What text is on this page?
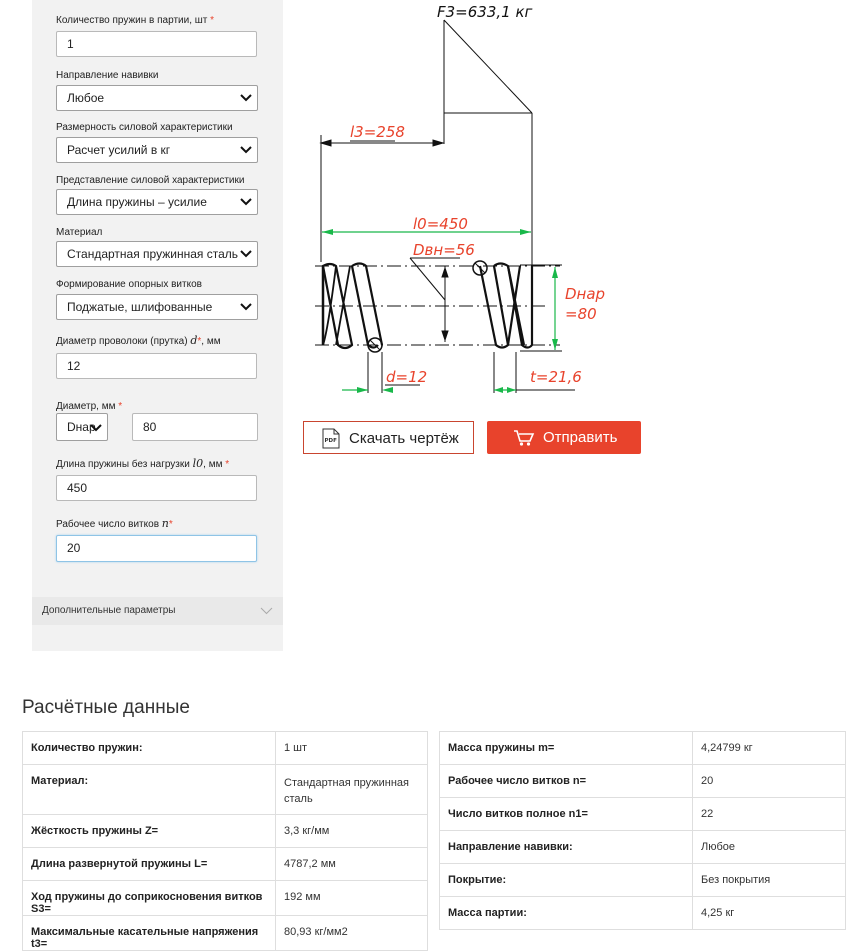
Количество пружин в партии, шт *
1
Направление навивки
Любое
Размерность силовой характеристики
Расчет усилий в кг
Представление силовой характеристики
Длина пружины – усилие
Материал
Стандартная пружинная сталь
Формирование опорных витков
Поджатые, шлифованные
Диаметр проволоки (прутка) d*, мм
12
Диаметр, мм *
Dнар	80
Длина пружины без нагрузки l0, мм *
450
Рабочее число витков n*
20
Дополнительные параметры
F3=633,1 кг
l3=258
l0=450
Dвн=56
Dнар
=80
d=12	t=21,6
PDF Скачать чертёж	Отправить
Расчётные данные
Количество пружин:	1 шт
Материал:	Стандартная пружинная сталь
Жёсткость пружины Z=	3,3 кг/мм
Длина развернутой пружины L=	4787,2 мм
Ход пружины до соприкосновения витков S3=	192 мм
Максимальные касательные напряжения t3=	80,93 кг/мм2
Масса пружины m=	4,24799 кг
Рабочее число витков n=	20
Число витков полное n1=	22
Направление навивки:	Любое
Покрытие:	Без покрытия
Масса партии:	4,25 кг
